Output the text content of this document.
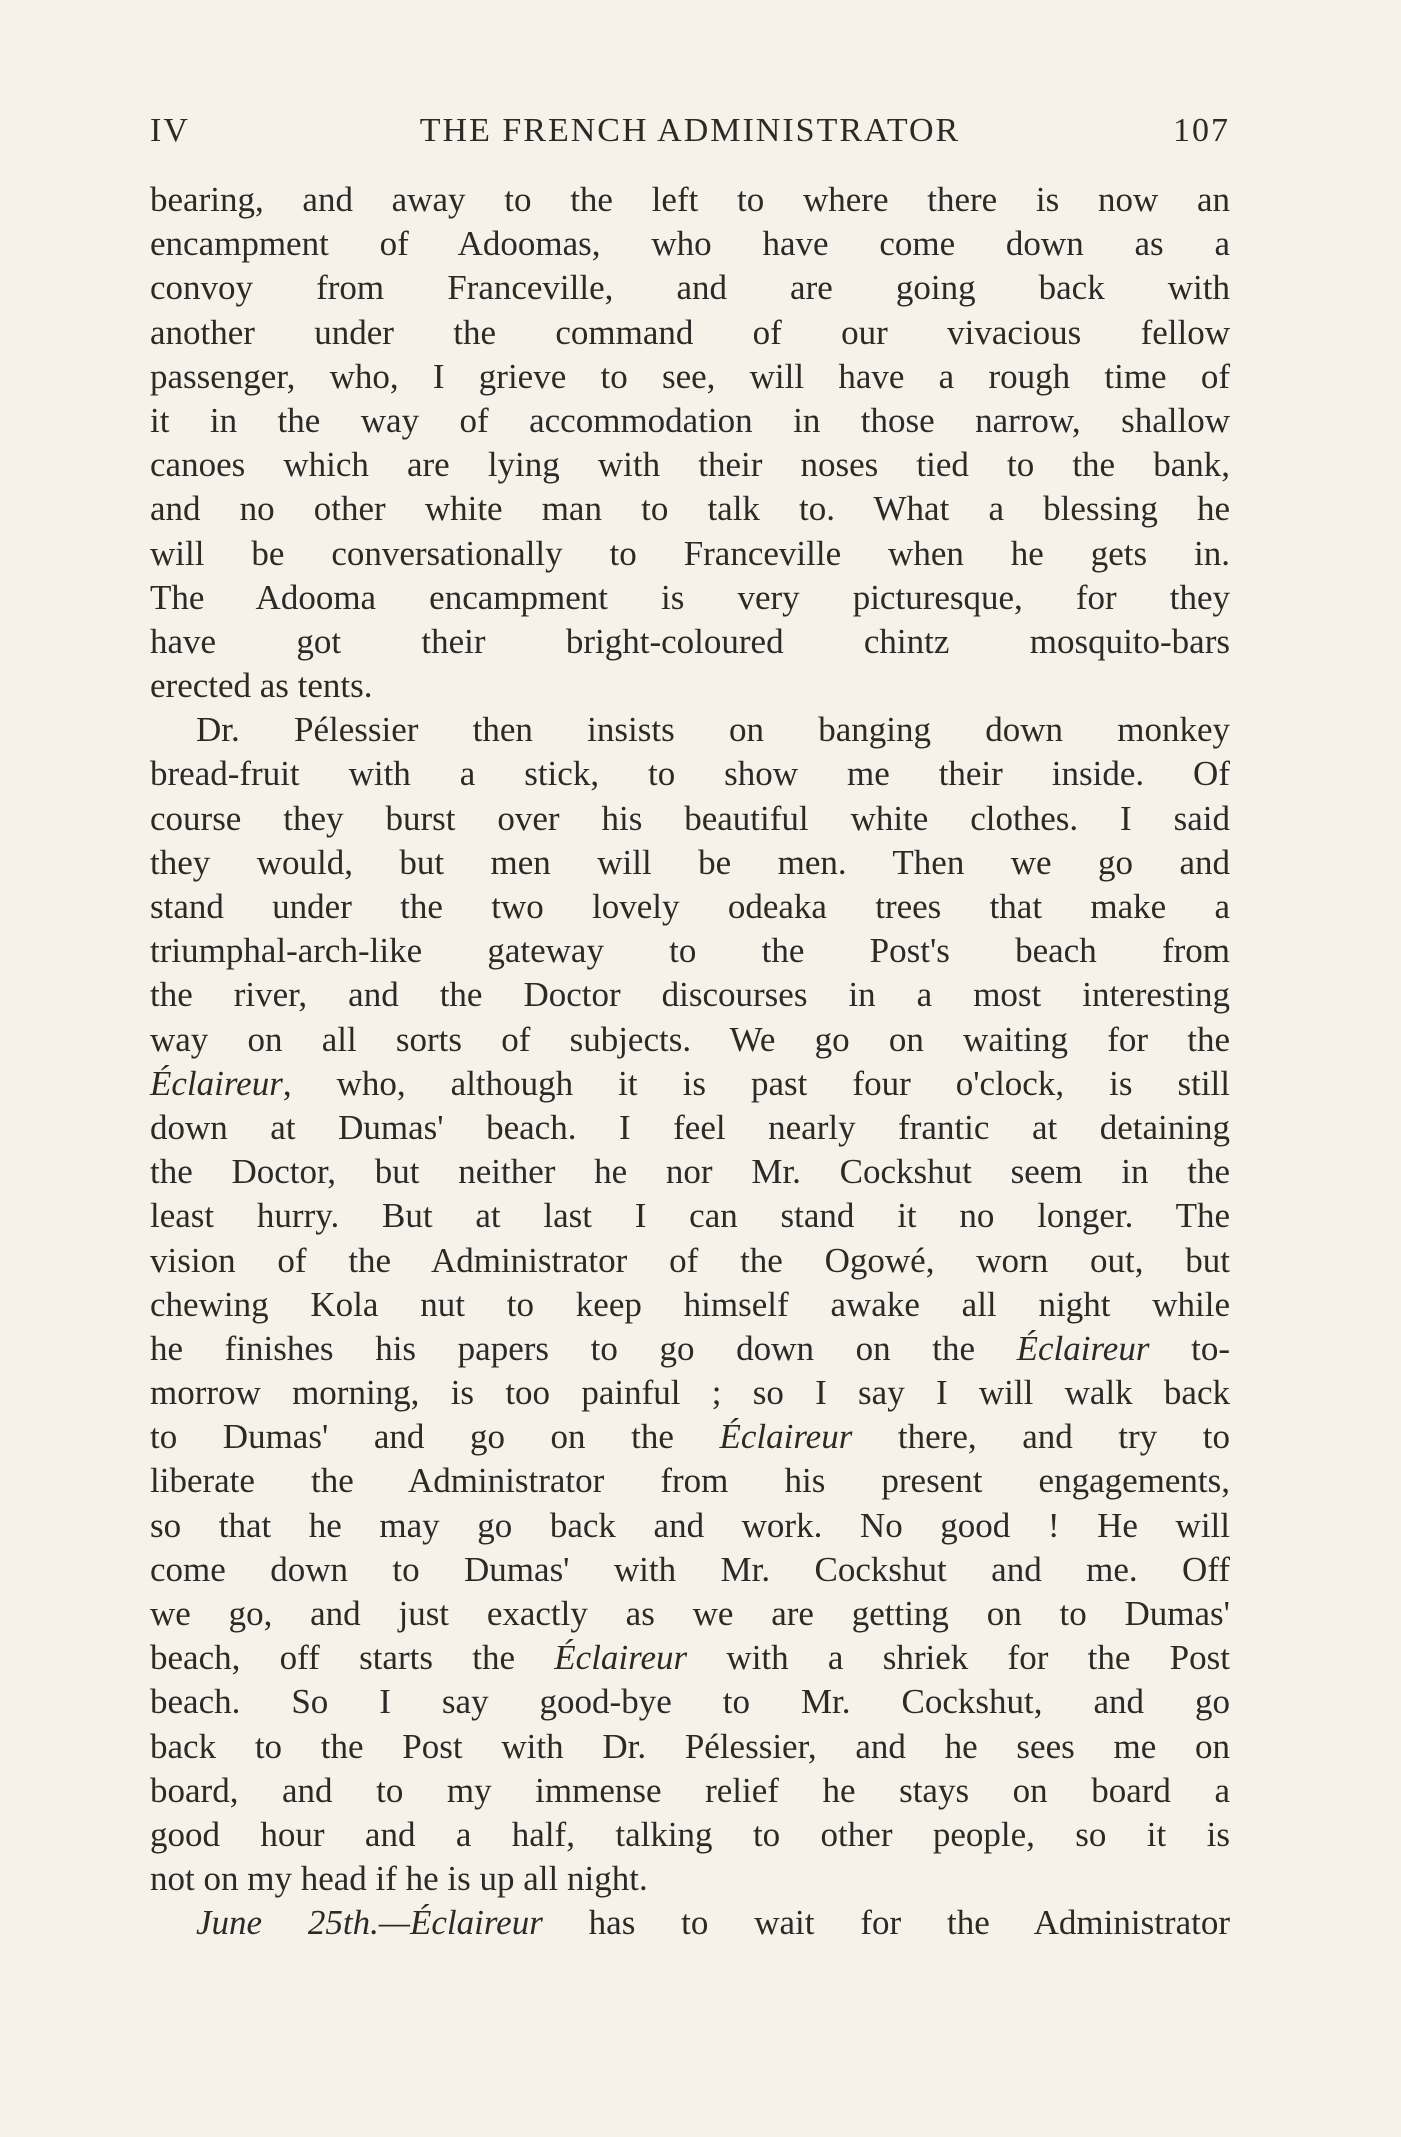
IV	THE FRENCH ADMINISTRATOR	107
bearing, and away to the left to where there is now an
encampment of Adoomas, who have come down as a
convoy from Franceville, and are going back with
another under the command of our vivacious fellow
passenger, who, I grieve to see, will have a rough time of
it in the way of accommodation in those narrow, shallow
canoes which are lying with their noses tied to the bank,
and no other white man to talk to. What a blessing he
will be conversationally to Franceville when he gets in.
The Adooma encampment is very picturesque, for they
have got their bright-coloured chintz mosquito-bars
erected as tents.
Dr. Pélessier then insists on banging down monkey
bread-fruit with a stick, to show me their inside. Of
course they burst over his beautiful white clothes. I said
they would, but men will be men. Then we go and
stand under the two lovely odeaka trees that make a
triumphal-arch-like gateway to the Post's beach from
the river, and the Doctor discourses in a most interesting
way on all sorts of subjects. We go on waiting for the
Éclaireur, who, although it is past four o'clock, is still
down at Dumas' beach. I feel nearly frantic at detaining
the Doctor, but neither he nor Mr. Cockshut seem in the
least hurry. But at last I can stand it no longer. The
vision of the Administrator of the Ogowé, worn out, but
chewing Kola nut to keep himself awake all night while
he finishes his papers to go down on the Éclaireur to-
morrow morning, is too painful ; so I say I will walk back
to Dumas' and go on the Éclaireur there, and try to
liberate the Administrator from his present engagements,
so that he may go back and work. No good ! He will
come down to Dumas' with Mr. Cockshut and me. Off
we go, and just exactly as we are getting on to Dumas'
beach, off starts the Éclaireur with a shriek for the Post
beach. So I say good-bye to Mr. Cockshut, and go
back to the Post with Dr. Pélessier, and he sees me on
board, and to my immense relief he stays on board a
good hour and a half, talking to other people, so it is
not on my head if he is up all night.
June 25th.—Éclaireur has to wait for the Administrator
